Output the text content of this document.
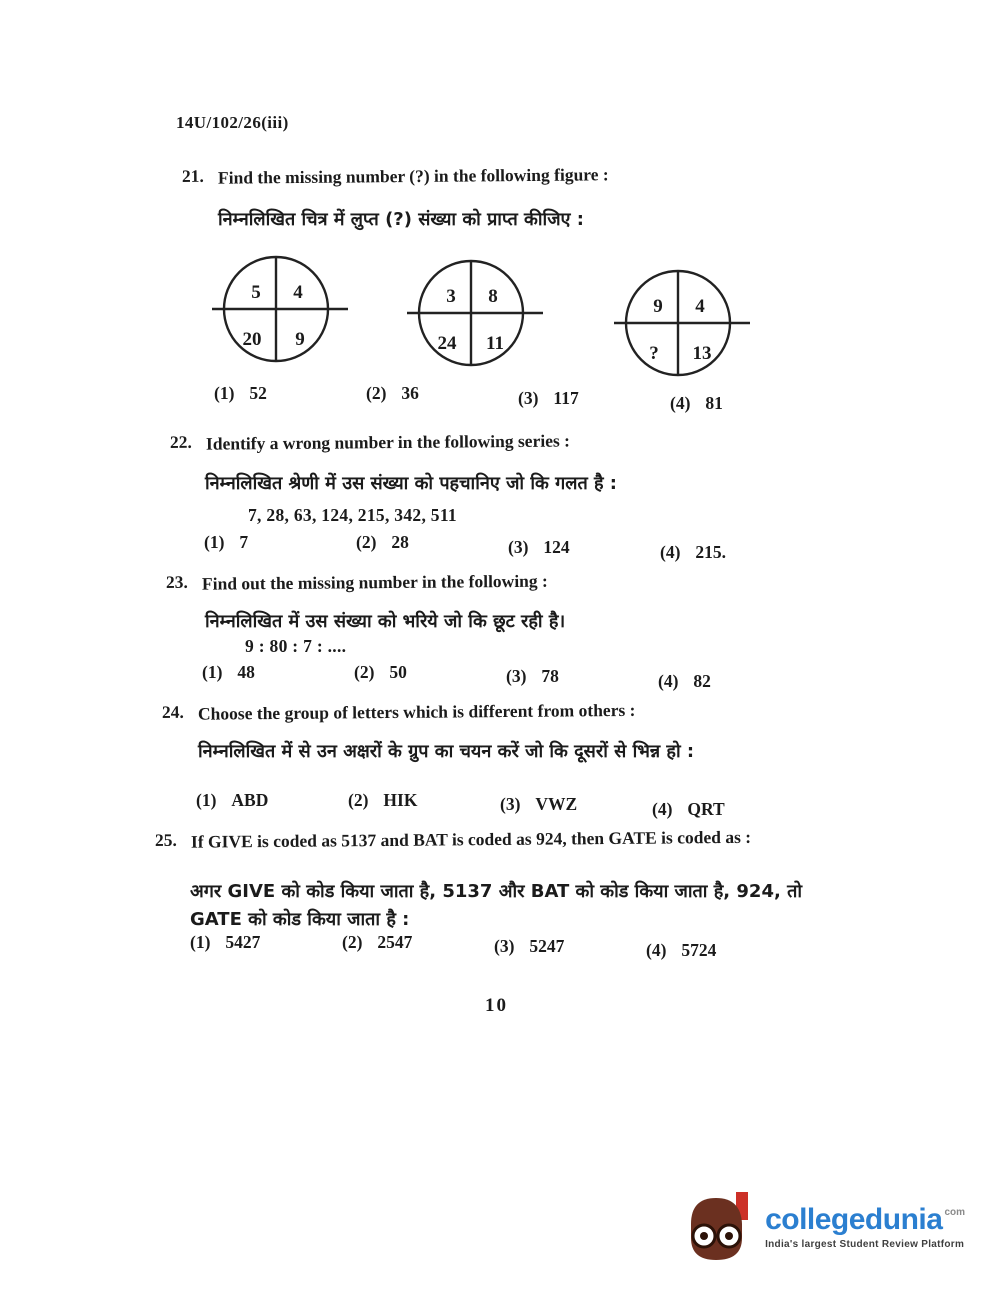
14U/102/26(iii)
21. Find the missing number (?) in the following figure :
निम्नलिखित चित्र में लुप्त (?) संख्या को प्राप्त कीजिए :
5 4
20 9
3 8
24 11
9 4
? 13
(1) 52	(2) 36	(3) 117	(4) 81
22. Identify a wrong number in the following series :
निम्नलिखित श्रेणी में उस संख्या को पहचानिए जो कि गलत है :
7, 28, 63, 124, 215, 342, 511
(1) 7	(2) 28	(3) 124	(4) 215.
23. Find out the missing number in the following :
निम्नलिखित में उस संख्या को भरिये जो कि छूट रही है।
9 : 80 : 7 : ....
(1) 48	(2) 50	(3) 78	(4) 82
24. Choose the group of letters which is different from others :
निम्नलिखित में से उन अक्षरों के ग्रुप का चयन करें जो कि दूसरों से भिन्न हो :
(1) ABD	(2) HIK	(3) VWZ	(4) QRT
25. If GIVE is coded as 5137 and BAT is coded as 924, then GATE is coded as :
अगर GIVE को कोड किया जाता है, 5137 और BAT को कोड किया जाता है, 924, तो GATE को कोड किया जाता है :
(1) 5427	(2) 2547	(3) 5247	(4) 5724
10
collegedunia com
India's largest Student Review Platform
